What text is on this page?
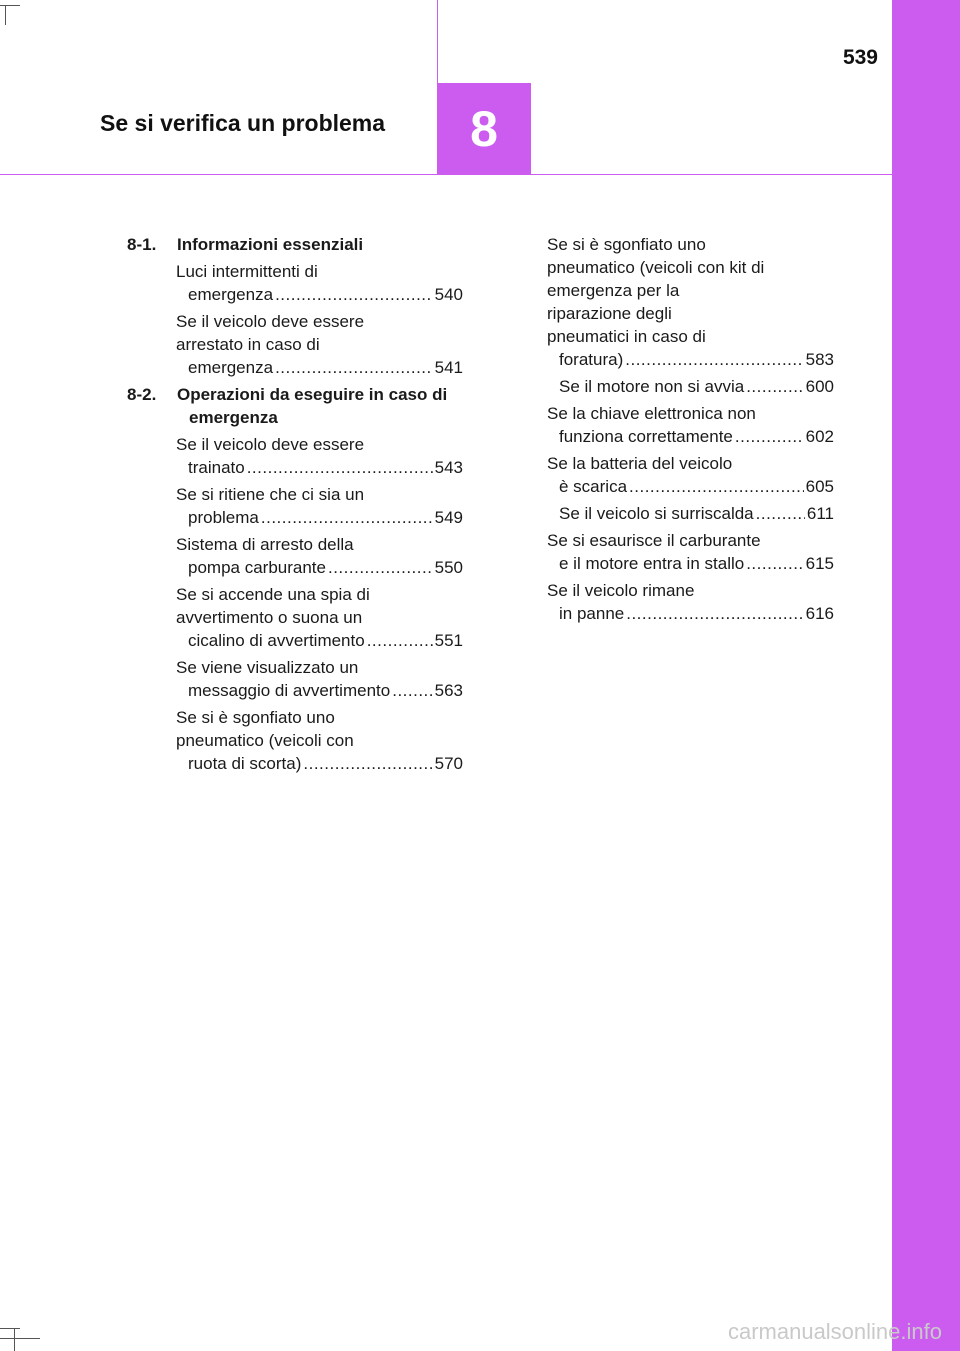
539
Se si verifica un problema 8
8-1.	Informazioni essenziali
Luci intermittenti di
emergenza .....	540
Se il veicolo deve essere
arrestato in caso di
emergenza .....	541
8-2.	Operazioni da eseguire in caso di emergenza
Se il veicolo deve essere
trainato .....	543
Se si ritiene che ci sia un
problema .....	549
Sistema di arresto della
pompa carburante .....	550
Se si accende una spia di
avvertimento o suona un
cicalino di avvertimento .....	551
Se viene visualizzato un
messaggio di avvertimento .....	563
Se si è sgonfiato uno
pneumatico (veicoli con
ruota di scorta) .....	570
Se si è sgonfiato uno
pneumatico (veicoli con kit di
emergenza per la
riparazione degli
pneumatici in caso di
foratura) .....	583
Se il motore non si avvia .....	600
Se la chiave elettronica non
funziona correttamente .....	602
Se la batteria del veicolo
è scarica .....	605
Se il veicolo si surriscalda .....	611
Se si esaurisce il carburante
e il motore entra in stallo .....	615
Se il veicolo rimane
in panne .....	616
carmanualsonline.info
